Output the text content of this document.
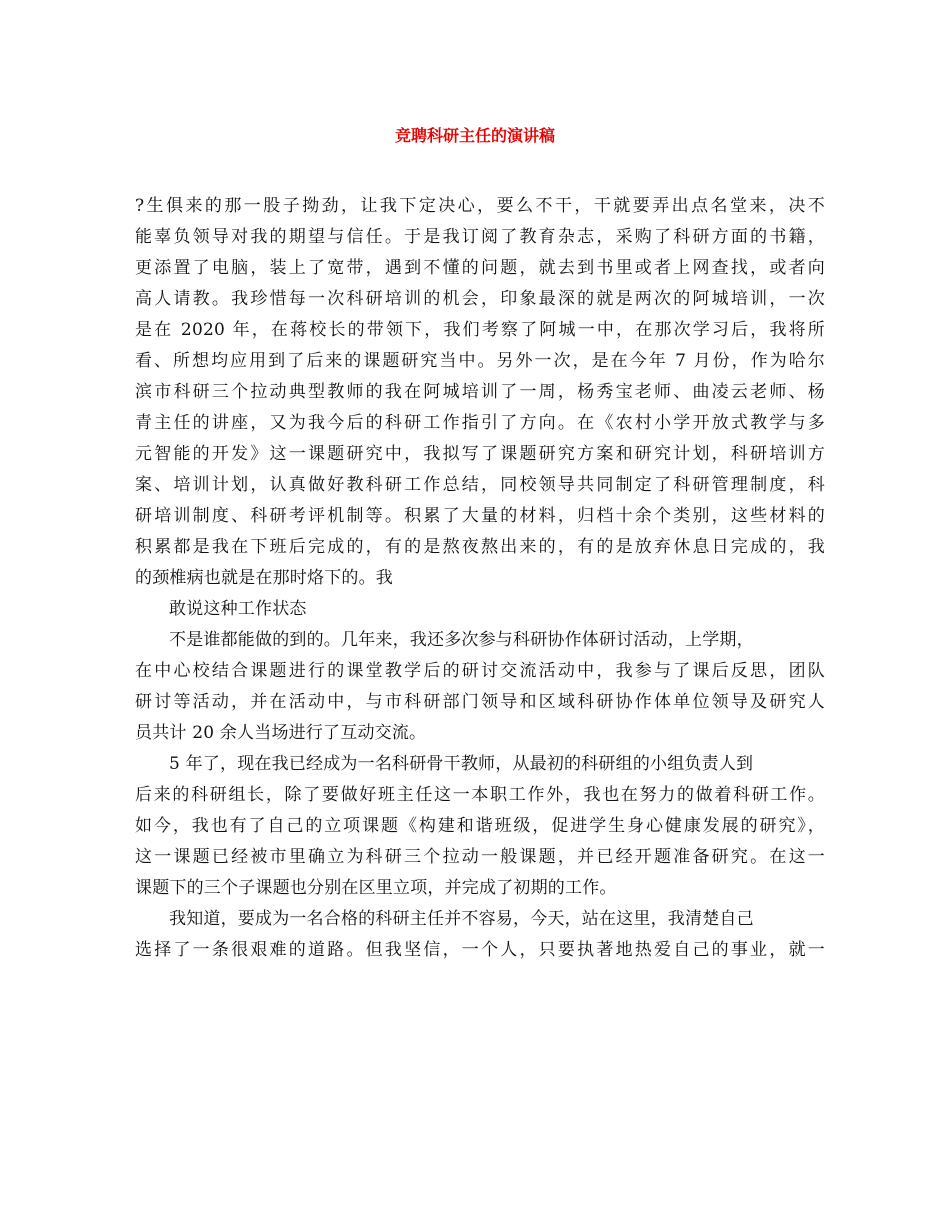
竞聘科研主任的演讲稿
?生俱来的那一股子拗劲，让我下定决心，要么不干，干就要弄出点名堂来，决不
能辜负领导对我的期望与信任。于是我订阅了教育杂志，采购了科研方面的书籍，
更添置了电脑，装上了宽带，遇到不懂的问题，就去到书里或者上网查找，或者向
高人请教。我珍惜每一次科研培训的机会，印象最深的就是两次的阿城培训，一次
是在 2020 年，在蒋校长的带领下，我们考察了阿城一中，在那次学习后，我将所
看、所想均应用到了后来的课题研究当中。另外一次，是在今年 7 月份，作为哈尔
滨市科研三个拉动典型教师的我在阿城培训了一周，杨秀宝老师、曲凌云老师、杨
青主任的讲座，又为我今后的科研工作指引了方向。在《农村小学开放式教学与多
元智能的开发》这一课题研究中，我拟写了课题研究方案和研究计划，科研培训方
案、培训计划，认真做好教科研工作总结，同校领导共同制定了科研管理制度，科
研培训制度、科研考评机制等。积累了大量的材料，归档十余个类别，这些材料的
积累都是我在下班后完成的，有的是熬夜熬出来的，有的是放弃休息日完成的，我
的颈椎病也就是在那时烙下的。我
敢说这种工作状态
不是谁都能做的到的。几年来，我还多次参与科研协作体研讨活动，上学期，
在中心校结合课题进行的课堂教学后的研讨交流活动中，我参与了课后反思，团队
研讨等活动，并在活动中，与市科研部门领导和区域科研协作体单位领导及研究人
员共计 20 余人当场进行了互动交流。
5 年了，现在我已经成为一名科研骨干教师，从最初的科研组的小组负责人到
后来的科研组长，除了要做好班主任这一本职工作外，我也在努力的做着科研工作。
如今，我也有了自己的立项课题《构建和谐班级，促进学生身心健康发展的研究》，
这一课题已经被市里确立为科研三个拉动一般课题，并已经开题准备研究。在这一
课题下的三个子课题也分别在区里立项，并完成了初期的工作。
我知道，要成为一名合格的科研主任并不容易，今天，站在这里，我清楚自己
选择了一条很艰难的道路。但我坚信，一个人，只要执著地热爱自己的事业，就一
